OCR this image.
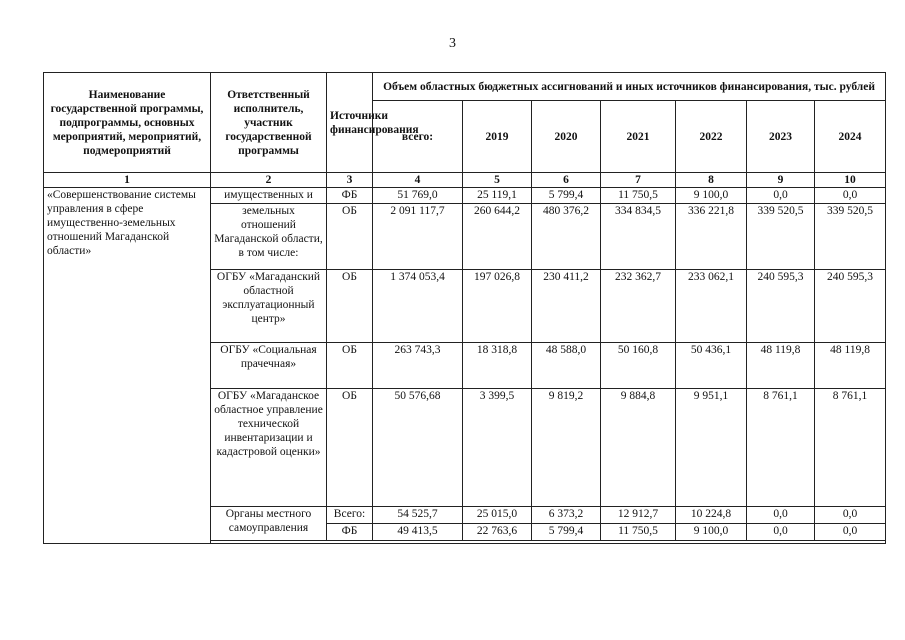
3
Наименование государственной программы, подпрограммы, основных мероприятий, мероприятий, подмероприятий	Ответственный исполнитель, участник государственной программы	Источники финансирования	Объем областных бюджетных ассигнований и иных источников финансирования, тыс. рублей						
			всего:	2019	2020	2021	2022	2023	2024
1	2	3	4	5	6	7	8	9	10
«Совершенствование системы управления в сфере имущественно-земельных отношений Магаданской области»	имущественных и	ФБ	51 769,0	25 119,1	5 799,4	11 750,5	9 100,0	0,0	0,0
	земельных отношений Магаданской области, в том числе:	ОБ	2 091 117,7	260 644,2	480 376,2	334 834,5	336 221,8	339 520,5	339 520,5
	ОГБУ «Магаданский областной эксплуатационный центр»	ОБ	1 374 053,4	197 026,8	230 411,2	232 362,7	233 062,1	240 595,3	240 595,3
	ОГБУ «Социальная прачечная»	ОБ	263 743,3	18 318,8	48 588,0	50 160,8	50 436,1	48 119,8	48 119,8
	ОГБУ «Магаданское областное управление технической инвентаризации и кадастровой оценки»	ОБ	50 576,68	3 399,5	9 819,2	9 884,8	9 951,1	8 761,1	8 761,1
	Органы местного самоуправления	Всего:	54 525,7	25 015,0	6 373,2	12 912,7	10 224,8	0,0	0,0
		ФБ	49 413,5	22 763,6	5 799,4	11 750,5	9 100,0	0,0	0,0
